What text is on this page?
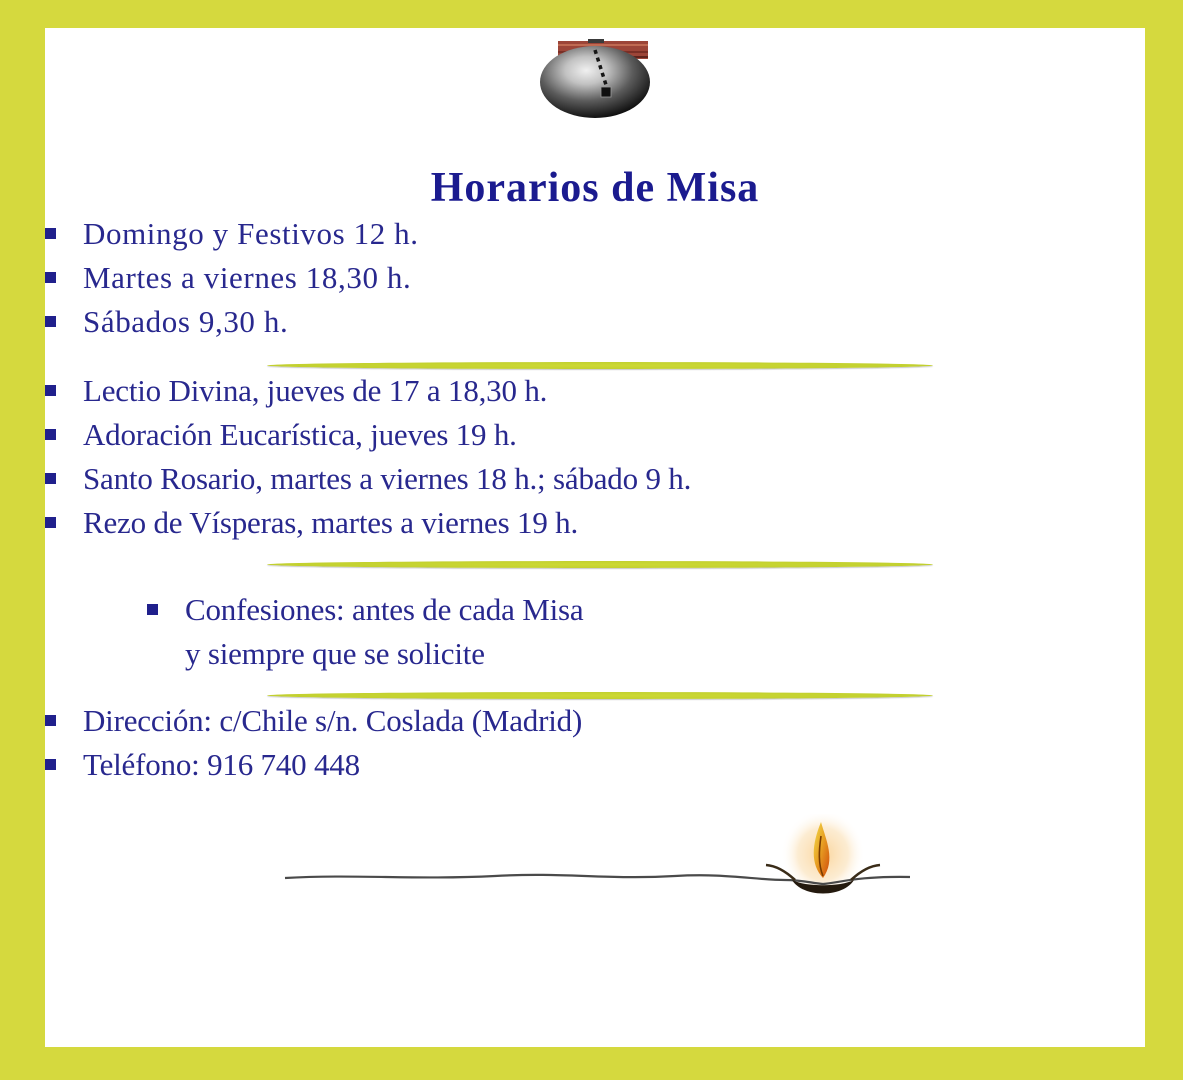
Horarios de Misa
Domingo y Festivos 12 h.
Martes a viernes 18,30 h.
Sábados 9,30 h.
Lectio Divina, jueves de 17 a 18,30 h.
Adoración Eucarística, jueves 19 h.
Santo Rosario, martes a viernes 18 h.; sábado 9 h.
Rezo de Vísperas, martes a viernes 19 h.
Confesiones: antes de cada Misa
y siempre que se solicite
Dirección: c/Chile s/n. Coslada (Madrid)
Teléfono: 916 740 448
